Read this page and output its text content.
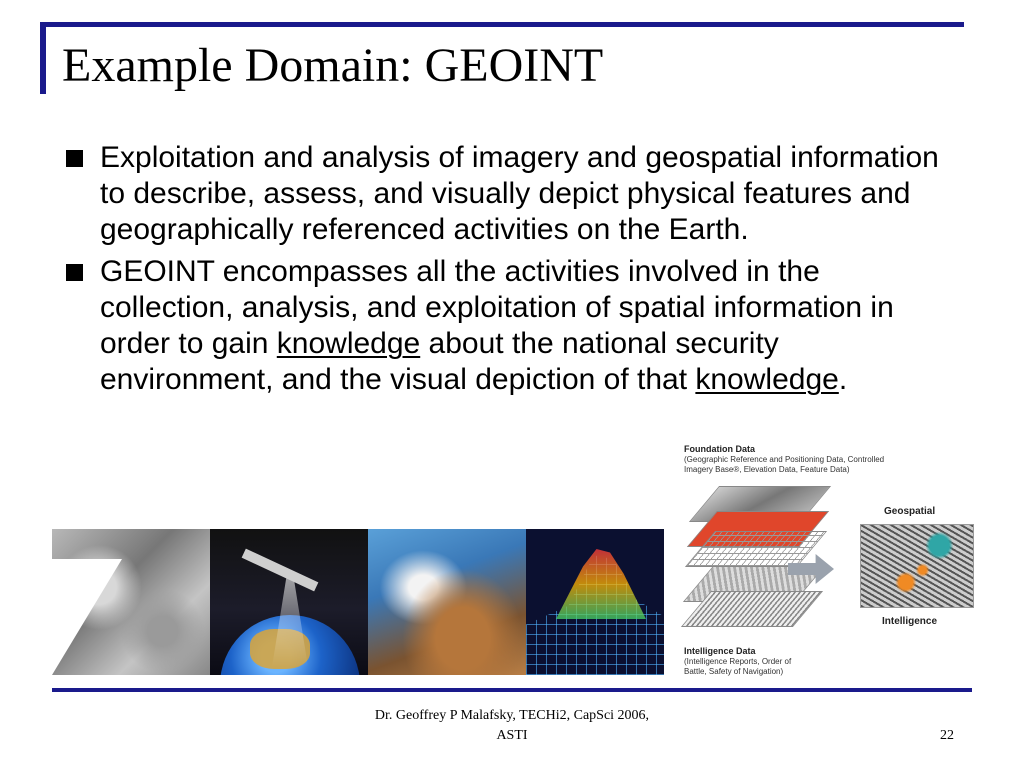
Example Domain: GEOINT
Exploitation and analysis of imagery and geospatial information to describe, assess, and visually depict physical features and geographically referenced activities on the Earth.
GEOINT encompasses all the activities involved in the collection, analysis, and exploitation of spatial information in order to gain knowledge about the national security environment, and the visual depiction of that knowledge.
Foundation Data
(Geographic Reference and Positioning Data, Controlled
Imagery Base®, Elevation Data, Feature Data)
Geospatial
Intelligence
Intelligence Data
(Intelligence Reports, Order of
Battle, Safety of Navigation)
Dr. Geoffrey P Malafsky, TECHi2, CapSci 2006,
ASTI	22
